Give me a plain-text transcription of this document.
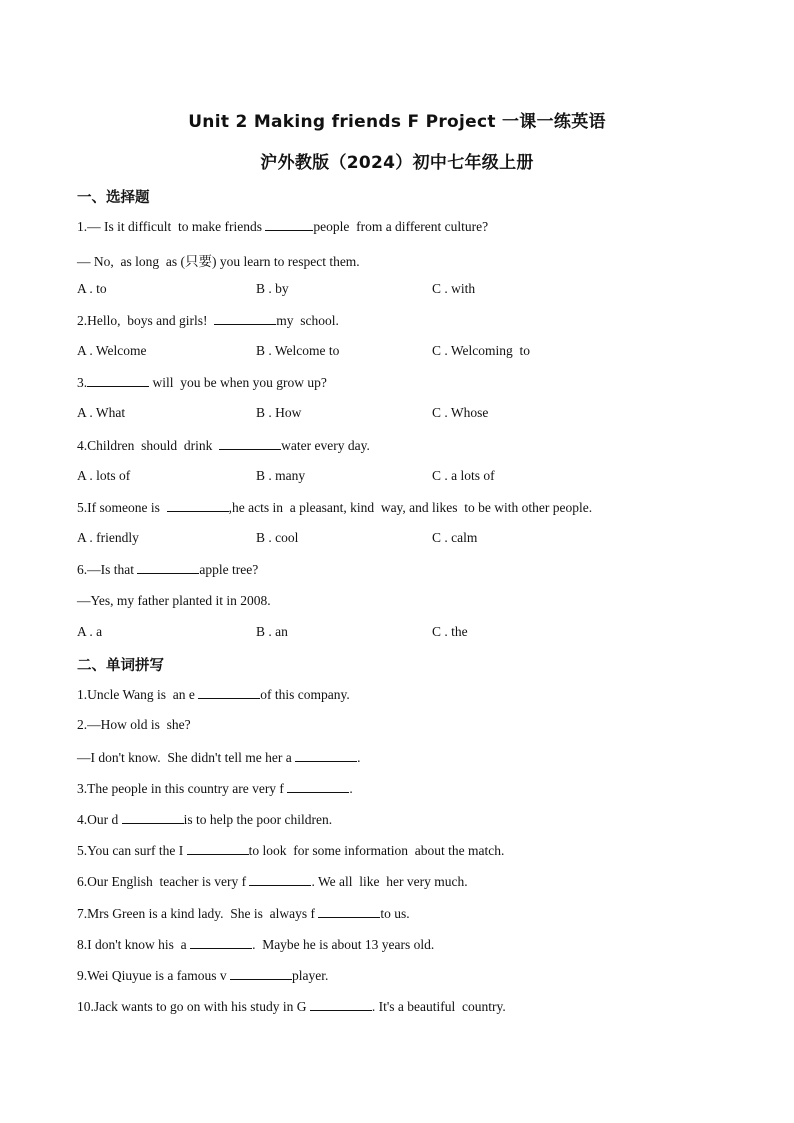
Unit 2 Making friends F Project 一课一练英语
沪外教版（2024）初中七年级上册
一、选择题
1.— Is it difficult  to make friends	people  from a different culture?
— No,  as long  as (只要) you learn to respect them.
A . to	B . by	C . with
2.Hello,  boys and girls!	my  school.
A . Welcome	B . Welcome to	C . Welcoming  to
3.	will  you be when you grow up?
A . What	B . How	C . Whose
4.Children  should  drink	water every day.
A . lots of	B . many	C . a lots of
5.If someone is	,he acts in  a pleasant, kind  way, and likes  to be with other people.
A . friendly	B . cool	C . calm
6.—Is that	apple tree?
—Yes, my father planted it in 2008.
A . a	B . an	C . the
二、单词拼写
1.Uncle Wang is  an e	of this company.
2.—How old is  she?
—I don't know.  She didn't tell me her a	.
3.The people in this country are very f	.
4.Our d	is to help the poor children.
5.You can surf the I	to look  for some information  about the match.
6.Our English  teacher is very f	. We all  like  her very much.
7.Mrs Green is a kind lady.  She is  always f	to us.
8.I don't know his  a	.  Maybe he is about 13 years old.
9.Wei Qiuyue is a famous v	player.
10.Jack wants to go on with his study in G	. It's a beautiful  country.
